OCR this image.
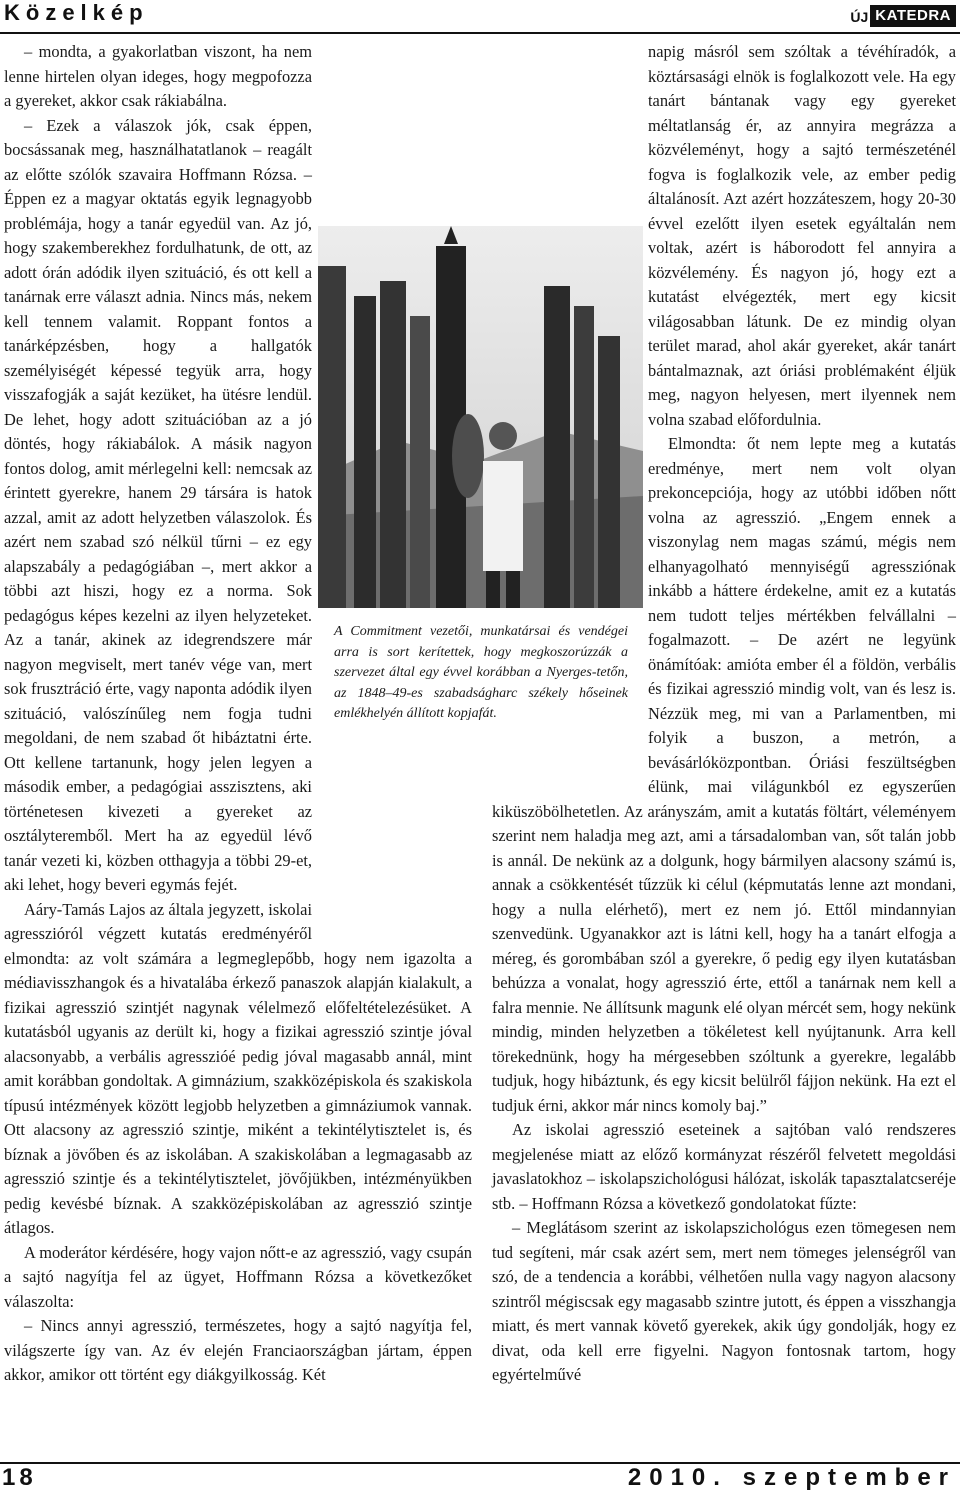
Közelkép	ÚJ KATEDRA

– mondta, a gyakorlatban viszont, ha nem lenne hirtelen olyan ideges, hogy megpofozza a gyereket, akkor csak rákiabálna.

– Ezek a válaszok jók, csak éppen, bocsássanak meg, használhatatlanok – reagált az előtte szólók szavaira Hoffmann Rózsa. – Éppen ez a magyar oktatás egyik legnagyobb problémája, hogy a tanár egyedül van. Az jó, hogy szakemberekhez fordulhatunk, de ott, az adott órán adódik ilyen szituáció, és ott kell a tanárnak erre választ adnia. Nincs más, nekem kell tennem valamit. Roppant fontos a tanárképzésben, hogy a hallgatók személyiségét képessé tegyük arra, hogy visszafogják a saját kezüket, ha ütésre lendül. De lehet, hogy adott szituációban az a jó döntés, hogy rákiabálok. A másik nagyon fontos dolog, amit mérlegelni kell: nemcsak az érintett gyerekre, hanem 29 társára is hatok azzal, amit az adott helyzetben válaszolok. És azért nem szabad szó nélkül tűrni – ez egy alapszabály a pedagógiában –, mert akkor a többi azt hiszi, hogy ez a norma. Sok pedagógus képes kezelni az ilyen helyzeteket. Az a tanár, akinek az idegrendszere már nagyon megviselt, mert tanév vége van, mert sok frusztráció érte, vagy naponta adódik ilyen szituáció, valószínűleg nem fogja tudni megoldani, de nem szabad őt hibáztatni érte. Ott kellene tartanunk, hogy jelen legyen a második ember, a pedagógiai asszisztens, aki történetesen kivezeti a gyereket az osztályteremből. Mert ha az egyedül lévő tanár vezeti ki, közben otthagyja a többi 29-et, aki lehet, hogy beveri egymás fejét.

Aáry-Tamás Lajos az általa jegyzett, iskolai agresszióról végzett kutatás eredményéről elmondta: az volt számára a legmeglepőbb, hogy nem igazolta a médiavisszhangok és a hivatalába érkező panaszok alapján kialakult, a fizikai agresszió szintjét nagynak vélelmező előfeltételezésüket. A kutatásból ugyanis az derült ki, hogy a fizikai agresszió szintje jóval alacsonyabb, a verbális agresszióé pedig jóval magasabb annál, mint amit korábban gondoltak. A gimnázium, szakközépiskola és szakiskola típusú intézmények között legjobb helyzetben a gimnáziumok vannak. Ott alacsony az agresszió szintje, miként a tekintélytisztelet is, és bíznak a jövőben és az iskolában. A szakiskolában a legmagasabb az agresszió szintje és a tekintélytisztelet, jövőjükben, intézményükben pedig kevésbé bíznak. A szakközépiskolában az agresszió szintje átlagos.

A moderátor kérdésére, hogy vajon nőtt-e az agresszió, vagy csupán a sajtó nagyítja fel az ügyet, Hoffmann Rózsa a következőket válaszolta:

– Nincs annyi agresszió, természetes, hogy a sajtó nagyítja fel, világszerte így van. Az év elején Franciaországban jártam, éppen akkor, amikor ott történt egy diákgyilkosság. Két

napig másról sem szóltak a tévéhíradók, a köztársasági elnök is foglalkozott vele. Ha egy tanárt bántanak vagy egy gyereket méltatlanság ér, az annyira megrázza a közvéleményt, hogy a sajtó természeténél fogva is foglalkozik vele, az ember pedig általánosít. Azt azért hozzáteszem, hogy 20-30 évvel ezelőtt ilyen esetek egyáltalán nem voltak, azért is háborodott fel annyira a közvélemény. És nagyon jó, hogy ezt a kutatást elvégezték, mert egy kicsit világosabban látunk. De ez mindig olyan terület marad, ahol akár gyereket, akár tanárt bántalmaznak, azt óriási problémaként éljük meg, nagyon helyesen, mert ilyennek nem volna szabad előfordulnia.

Elmondta: őt nem lepte meg a kutatás eredménye, mert nem volt olyan prekoncepciója, hogy az utóbbi időben nőtt volna az agresszió. „Engem ennek a viszonylag nem magas számú, mégis nem elhanyagolható mennyiségű agressziónak inkább a háttere érdekelne, amit ez a kutatás nem tudott teljes mértékben felvállalni – fogalmazott. – De azért ne legyünk önámítóak: amióta ember él a földön, verbális és fizikai agresszió mindig volt, van és lesz is. Nézzük meg, mi van a Parlamentben, mi folyik a buszon, a metrón, a bevásárlóközpontban. Óriási feszültségben élünk, mai világunkból ez egyszerűen kiküszöbölhetetlen. Az arányszám, amit a kutatás föltárt, véleményem szerint nem haladja meg azt, ami a társadalomban van, sőt talán jobb is annál. De nekünk az a dolgunk, hogy bármilyen alacsony számú is, annak a csökkentését tűzzük ki célul (képmutatás lenne azt mondani, hogy a nulla elérhető), mert ez nem jó. Ettől mindannyian szenvedünk. Ugyanakkor azt is látni kell, hogy ha a tanárt elfogja a méreg, és gorombában szól a gyerekre, ő pedig egy ilyen kutatásban behúzza a vonalat, hogy agresszió érte, ettől a tanárnak nem kell a falra mennie. Ne állítsunk magunk elé olyan mércét sem, hogy nekünk mindig, minden helyzetben a tökéletest kell nyújtanunk. Arra kell törekednünk, hogy ha mérgesebben szóltunk a gyerekre, legalább tudjuk, hogy hibáztunk, és egy kicsit belülről fájjon nekünk. Ha ezt el tudjuk érni, akkor már nincs komoly baj.”

Az iskolai agresszió eseteinek a sajtóban való rendszeres megjelenése miatt az előző kormányzat részéről felvetett megoldási javaslatokhoz – iskolapszichológusi hálózat, iskolák tapasztalatcseréje stb. – Hoffmann Rózsa a következő gondolatokat fűzte:

– Meglátásom szerint az iskolapszichológus ezen tömegesen nem tud segíteni, már csak azért sem, mert nem tömeges jelenségről van szó, de a tendencia a korábbi, vélhetően nulla vagy nagyon alacsony szintről mégiscsak egy magasabb szintre jutott, és éppen a visszhangja miatt, és mert vannak követő gyerekek, akik úgy gondolják, hogy ez divat, oda kell erre figyelni. Nagyon fontosnak tartom, hogy egyértelművé

A Commitment vezetői, munkatársai és vendégei arra is sort kerítettek, hogy megkoszorúzzák a szervezet által egy évvel korábban a Nyerges-tetőn, az 1848–49-es szabadságharc székely hőseinek emlékhelyén állított kopjafát.
18	2010. szeptember
